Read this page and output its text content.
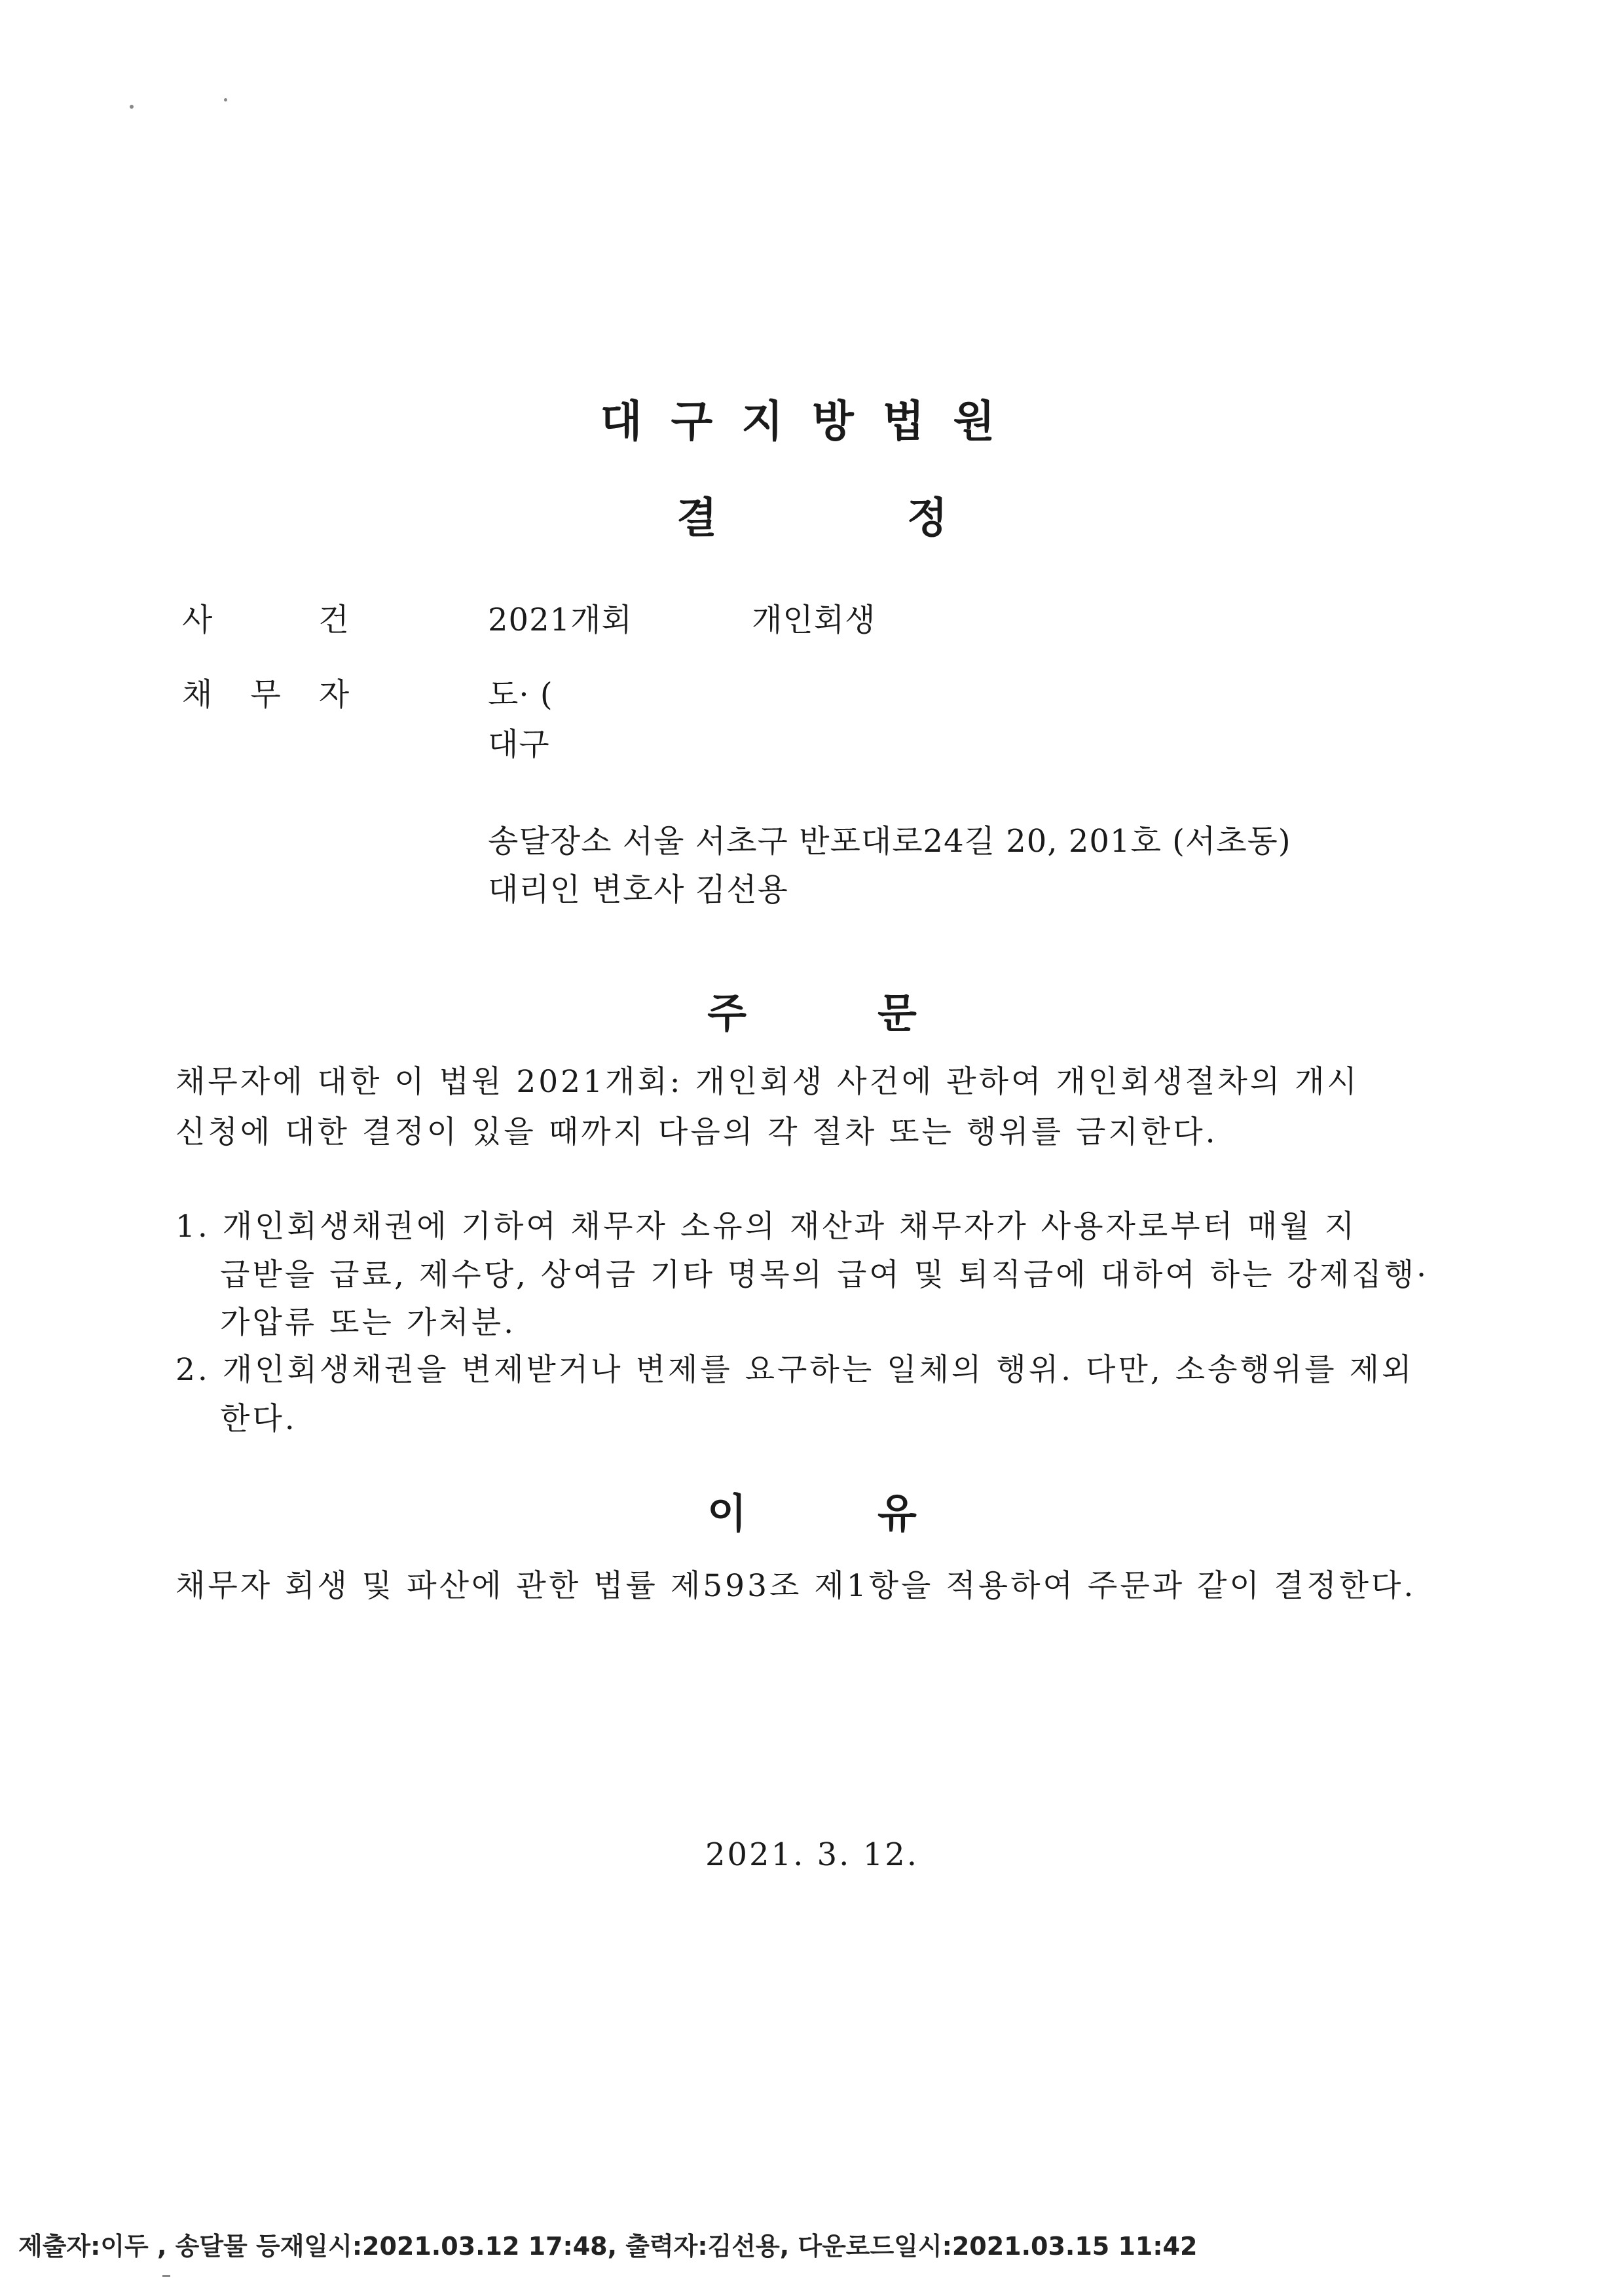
대구지방법원
결정
사건 2021개회	개인회생
채무자	도· (
대구
송달장소 서울 서초구 반포대로24길 20, 201호 (서초동)
대리인 변호사 김선용
주문
채무자에 대한 이 법원 2021개회: 개인회생 사건에 관하여 개인회생절차의 개시
신청에 대한 결정이 있을 때까지 다음의 각 절차 또는 행위를 금지한다.
1. 개인회생채권에 기하여 채무자 소유의 재산과 채무자가 사용자로부터 매월 지
급받을 급료, 제수당, 상여금 기타 명목의 급여 및 퇴직금에 대하여 하는 강제집행·
가압류 또는 가처분.
2. 개인회생채권을 변제받거나 변제를 요구하는 일체의 행위. 다만, 소송행위를 제외
한다.
이유
채무자 회생 및 파산에 관한 법률 제593조 제1항을 적용하여 주문과 같이 결정한다.
2021. 3. 12.
제출자:이두 , 송달물 등재일시:2021.03.12 17:48, 출력자:김선용, 다운로드일시:2021.03.15 11:42
